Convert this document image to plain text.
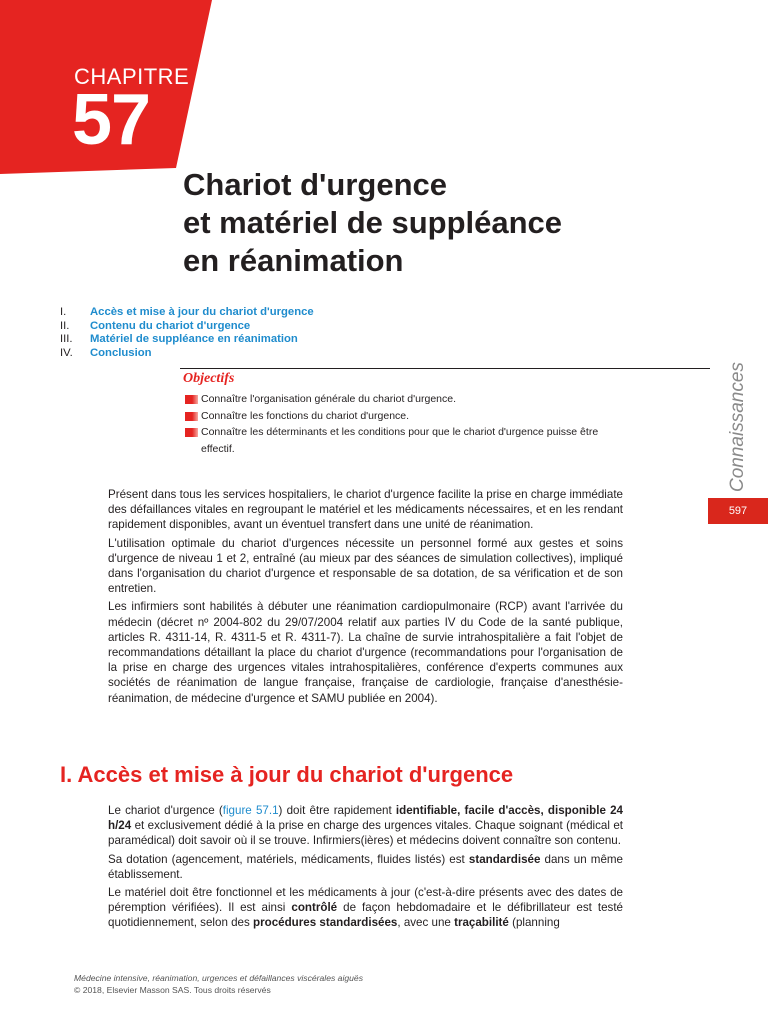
CHAPITRE
57
Chariot d'urgence
et matériel de suppléance
en réanimation
I. Accès et mise à jour du chariot d'urgence
II. Contenu du chariot d'urgence
III. Matériel de suppléance en réanimation
IV. Conclusion
Objectifs
Connaître l'organisation générale du chariot d'urgence.
Connaître les fonctions du chariot d'urgence.
Connaître les déterminants et les conditions pour que le chariot d'urgence puisse être effectif.	Connaissances
597

Présent dans tous les services hospitaliers, le chariot d'urgence facilite la prise en charge immédiate des défaillances vitales en regroupant le matériel et les médicaments nécessaires, et en les rendant rapidement disponibles, avant un éventuel transfert dans une unité de réanimation.

L'utilisation optimale du chariot d'urgences nécessite un personnel formé aux gestes et soins d'urgence de niveau 1 et 2, entraîné (au mieux par des séances de simulation collectives), impliqué dans l'organisation du chariot d'urgence et responsable de sa dotation, de sa vérification et de son entretien.

Les infirmiers sont habilités à débuter une réanimation cardiopulmonaire (RCP) avant l'arrivée du médecin (décret nº 2004-802 du 29/07/2004 relatif aux parties IV du Code de la santé publique, articles R. 4311-14, R. 4311-5 et R. 4311-7). La chaîne de survie intrahospitalière a fait l'objet de recommandations détaillant la place du chariot d'urgence (recommandations pour l'organisation de la prise en charge des urgences vitales intrahospitalières, conférence d'experts communes aux sociétés de réanimation de langue française, française de cardiologie, française d'anesthésie-réanimation, de médecine d'urgence et SAMU publiée en 2004).

I. Accès et mise à jour du chariot d'urgence

Le chariot d'urgence (figure 57.1) doit être rapidement identifiable, facile d'accès, disponible 24 h/24 et exclusivement dédié à la prise en charge des urgences vitales. Chaque soignant (médical et paramédical) doit savoir où il se trouve. Infirmiers(ières) et médecins doivent connaître son contenu.

Sa dotation (agencement, matériels, médicaments, fluides listés) est standardisée dans un même établissement.

Le matériel doit être fonctionnel et les médicaments à jour (c'est-à-dire présents avec des dates de péremption vérifiées). Il est ainsi contrôlé de façon hebdomadaire et le défibrillateur est testé quotidiennement, selon des procédures standardisées, avec une traçabilité (planning

Médecine intensive, réanimation, urgences et défaillances viscérales aiguës
© 2018, Elsevier Masson SAS. Tous droits réservés
